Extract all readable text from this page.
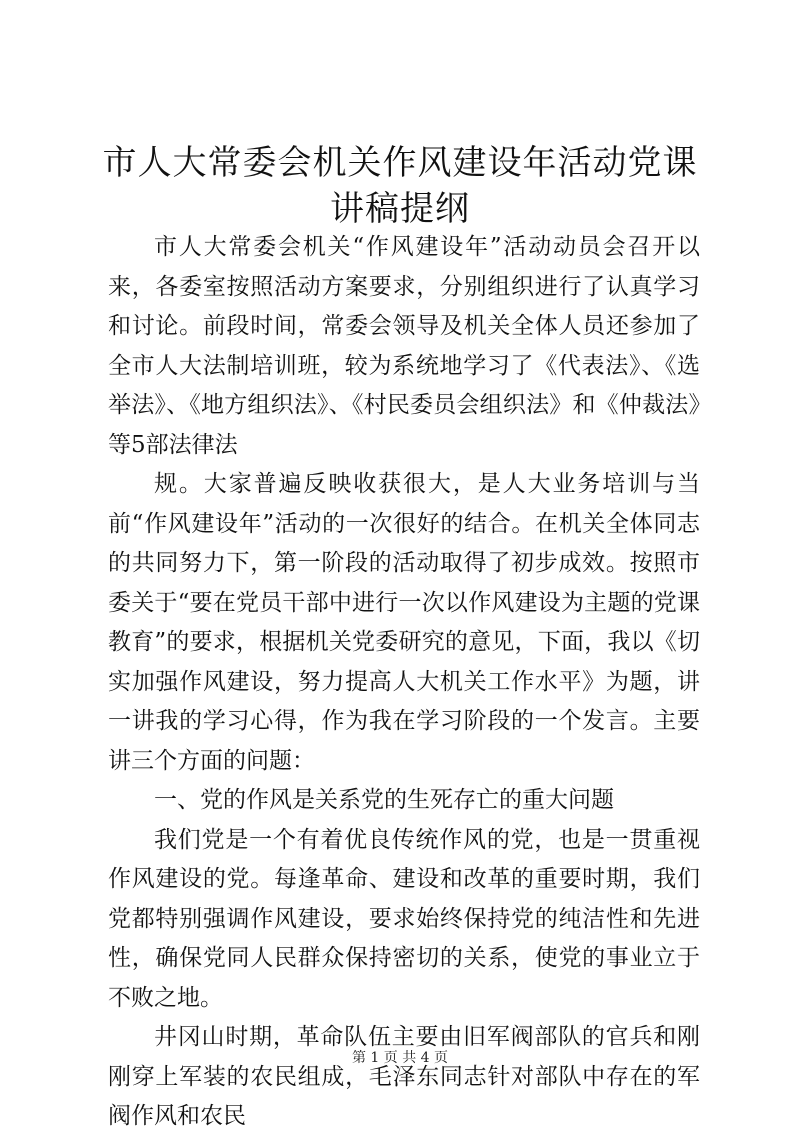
市人大常委会机关作风建设年活动党课讲稿提纲

市人大常委会机关“作风建设年”活动动员会召开以来，各委室按照活动方案要求，分别组织进行了认真学习和讨论。前段时间，常委会领导及机关全体人员还参加了全市人大法制培训班，较为系统地学习了《代表法》、《选举法》、《地方组织法》、《村民委员会组织法》和《仲裁法》等5部法律法

规。大家普遍反映收获很大，是人大业务培训与当前“作风建设年”活动的一次很好的结合。在机关全体同志的共同努力下，第一阶段的活动取得了初步成效。按照市委关于“要在党员干部中进行一次以作风建设为主题的党课教育”的要求，根据机关党委研究的意见，下面，我以《切实加强作风建设，努力提高人大机关工作水平》为题，讲一讲我的学习心得，作为我在学习阶段的一个发言。主要讲三个方面的问题：

一、党的作风是关系党的生死存亡的重大问题

我们党是一个有着优良传统作风的党，也是一贯重视作风建设的党。每逢革命、建设和改革的重要时期，我们党都特别强调作风建设，要求始终保持党的纯洁性和先进性，确保党同人民群众保持密切的关系，使党的事业立于不败之地。

井冈山时期，革命队伍主要由旧军阀部队的官兵和刚刚穿上军装的农民组成，毛泽东同志针对部队中存在的军阀作风和农民

第 1 页 共 4 页
